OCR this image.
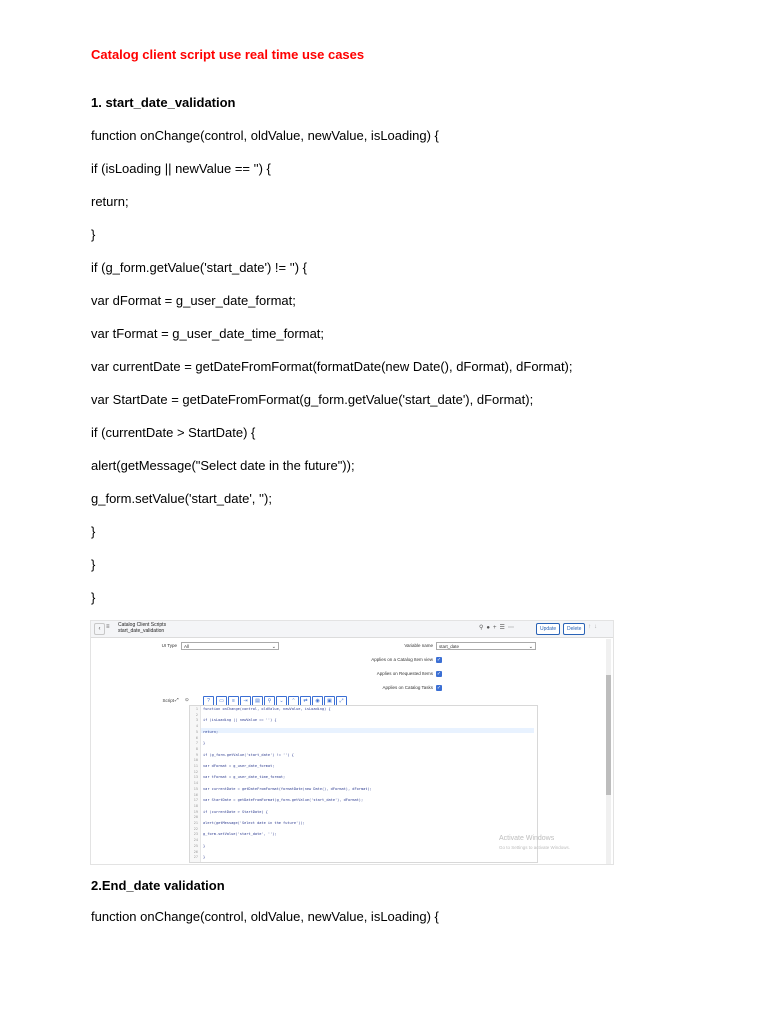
Catalog client script use real time use cases
1. start_date_validation
function onChange(control, oldValue, newValue, isLoading) {
if (isLoading || newValue == '') {
return;
}
if (g_form.getValue('start_date') != '') {
var dFormat = g_user_date_format;
var tFormat = g_user_date_time_format;
var currentDate = getDateFromFormat(formatDate(new Date(), dFormat), dFormat);
var StartDate = getDateFromFormat(g_form.getValue('start_date'), dFormat);
if (currentDate > StartDate) {
alert(getMessage("Select date in the future"));
g_form.setValue('start_date', '');
}
}
}
‹ ≡ Catalog Client Scripts
start_date_validation	⚲●+☰⋯	Update	Delete	↑↓
UI Type	All	⌄	Variable name	start_date	⌄
Applies on a Catalog Item view ✓
Applies on Requested Items ✓
Applies on Catalog Tasks ✓
Script ⤢	⊙	?	▭	≡	⇥	▤	⚲	⌄	⌃	⇄	◉	▣	⤢
1
2
3
4
5
6
7
8
9
10
11
12
13
14
15
16
17
18
19
20
21
22
23
24
25
26
27
function onChange(control, oldValue, newValue, isLoading) {
if (isLoading || newValue == '') {
return;
}
if (g_form.getValue('start_date') != '') {
var dFormat = g_user_date_format;
var tFormat = g_user_date_time_format;
var currentDate = getDateFromFormat(formatDate(new Date(), dFormat), dFormat);
var StartDate = getDateFromFormat(g_form.getValue('start_date'), dFormat);
if (currentDate > StartDate) {
alert(getMessage('Select date in the future'));
g_form.setValue('start_date', '');
}
}
Activate Windows
Go to Settings to activate Windows.
2.End_date validation
function onChange(control, oldValue, newValue, isLoading) {
